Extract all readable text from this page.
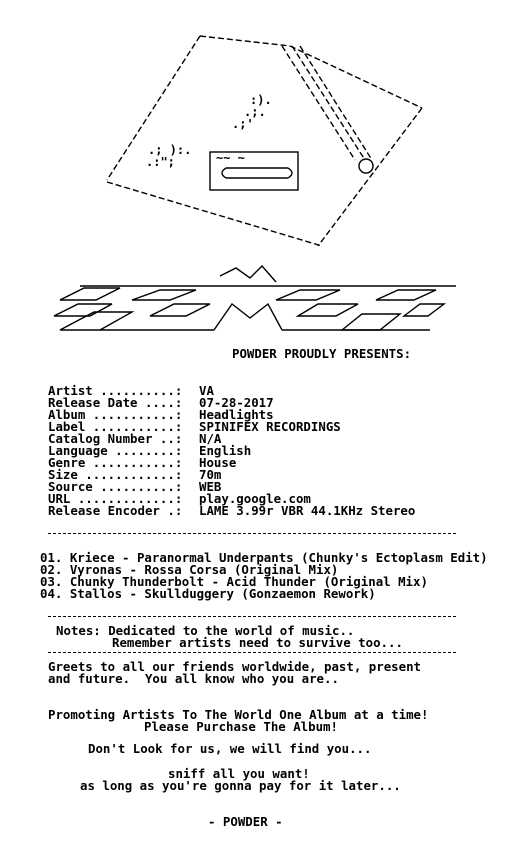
:).
.;.
.;'
.; ):.
.:";	~~ ~
POWDER PROUDLY PRESENTS:
Artist ..........: VA
Release Date ....: 07-28-2017
Album ...........: Headlights
Label ...........: SPINIFEX RECORDINGS
Catalog Number ..: N/A
Language ........: English
Genre ...........: House
Size ............: 70m
Source ..........: WEB
URL .............: play.google.com
Release Encoder .: LAME 3.99r VBR 44.1KHz Stereo
01. Kriece - Paranormal Underpants (Chunky's Ectoplasm Edit)
02. Vyronas - Rossa Corsa (Original Mix)
03. Chunky Thunderbolt - Acid Thunder (Original Mix)
04. Stallos - Skullduggery (Gonzaemon Rework)
Notes: Dedicated to the world of music..
Remember artists need to survive too...
Greets to all our friends worldwide, past, present
and future.  You all know who you are..
Promoting Artists To The World One Album at a time!
Please Purchase The Album!
Don't Look for us, we will find you...
sniff all you want!
as long as you're gonna pay for it later...
- POWDER -
